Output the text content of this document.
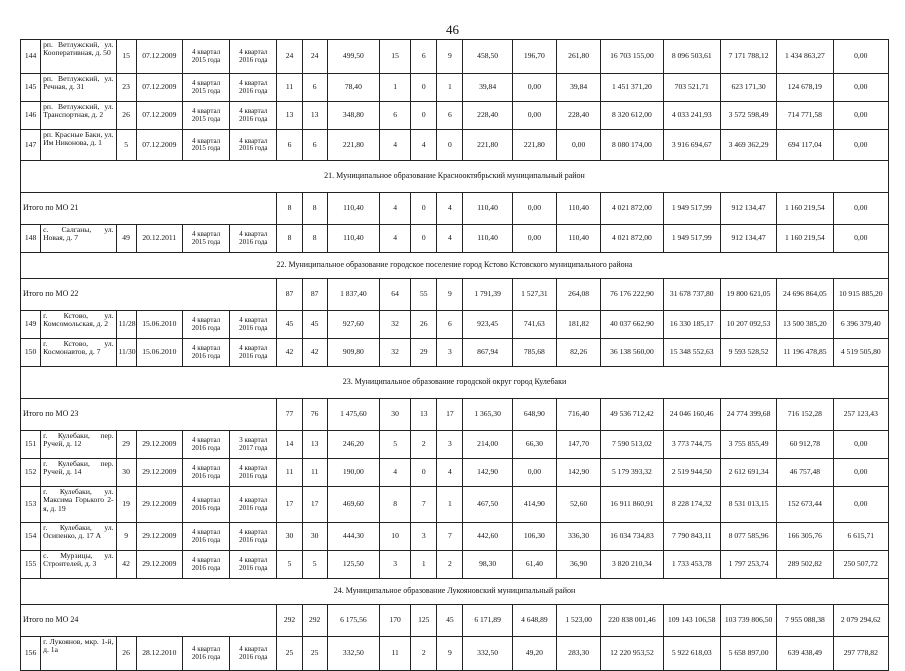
46
144	рп. Ветлужский, ул. Кооперативная, д. 50	15	07.12.2009	4 квартал 2015 года	4 квартал 2016 года	24	24	499,50	15	6	9	458,50	196,70	261,80	16 703 155,00	8 096 503,61	7 171 788,12	1 434 863,27	0,00
145	рп. Ветлужский, ул. Речная, д. 31	23	07.12.2009	4 квартал 2015 года	4 квартал 2016 года	11	6	78,40	1	0	1	39,84	0,00	39,84	1 451 371,20	703 521,71	623 171,30	124 678,19	0,00
146	рп. Ветлужский, ул. Транспортная, д. 2	26	07.12.2009	4 квартал 2015 года	4 квартал 2016 года	13	13	348,80	6	0	6	228,40	0,00	228,40	8 320 612,00	4 033 241,93	3 572 598,49	714 771,58	0,00
147	рп. Красные Баки, ул. Им Никонова, д. 1	5	07.12.2009	4 квартал 2015 года	4 квартал 2016 года	6	6	221,80	4	4	0	221,80	221,80	0,00	8 080 174,00	3 916 694,67	3 469 362,29	694 117,04	0,00
21. Муниципальное образование Краснооктябрьский муниципальный район																			
Итого по МО 21						8	8	110,40	4	0	4	110,40	0,00	110,40	4 021 872,00	1 949 517,99	912 134,47	1 160 219,54	0,00
148	с. Салганы, ул. Новая, д. 7	49	20.12.2011	4 квартал 2015 года	4 квартал 2016 года	8	8	110,40	4	0	4	110,40	0,00	110,40	4 021 872,00	1 949 517,99	912 134,47	1 160 219,54	0,00
22. Муниципальное образование городское поселение город Кстово Кстовского муниципального района																			
Итого по МО 22						87	87	1 837,40	64	55	9	1 791,39	1 527,31	264,08	76 176 222,90	31 678 737,80	19 800 621,05	24 696 864,05	10 915 885,20
149	г. Кстово, ул. Комсомольская, д. 2	11/28	15.06.2010	4 квартал 2016 года	4 квартал 2016 года	45	45	927,60	32	26	6	923,45	741,63	181,82	40 037 662,90	16 330 185,17	10 207 092,53	13 500 385,20	6 396 379,40
150	г. Кстово, ул. Космонавтов, д. 7	11/30	15.06.2010	4 квартал 2016 года	4 квартал 2016 года	42	42	909,80	32	29	3	867,94	785,68	82,26	36 138 560,00	15 348 552,63	9 593 528,52	11 196 478,85	4 519 505,80
23. Муниципальное образование городской округ город Кулебаки																			
Итого по МО 23						77	76	1 475,60	30	13	17	1 365,30	648,90	716,40	49 536 712,42	24 046 160,46	24 774 399,68	716 152,28	257 123,43
151	г. Кулебаки, пер. Ручей, д. 12	29	29.12.2009	4 квартал 2016 года	3 квартал 2017 года	14	13	246,20	5	2	3	214,00	66,30	147,70	7 590 513,02	3 773 744,75	3 755 855,49	60 912,78	0,00
152	г. Кулебаки, пер. Ручей, д. 14	30	29.12.2009	4 квартал 2016 года	4 квартал 2016 года	11	11	190,00	4	0	4	142,90	0,00	142,90	5 179 393,32	2 519 944,50	2 612 691,34	46 757,48	0,00
153	г. Кулебаки, ул. Максима Горького 2-я, д. 19	19	29.12.2009	4 квартал 2016 года	4 квартал 2016 года	17	17	469,60	8	7	1	467,50	414,90	52,60	16 911 860,91	8 228 174,32	8 531 013,15	152 673,44	0,00
154	г. Кулебаки, ул. Осипенко, д. 17 А	9	29.12.2009	4 квартал 2016 года	4 квартал 2016 года	30	30	444,30	10	3	7	442,60	106,30	336,30	16 034 734,83	7 790 843,11	8 077 585,96	166 305,76	6 615,71
155	с. Мурзицы, ул. Строителей, д. 3	42	29.12.2009	4 квартал 2016 года	4 квартал 2016 года	5	5	125,50	3	1	2	98,30	61,40	36,90	3 820 210,34	1 733 453,78	1 797 253,74	289 502,82	250 507,72
24. Муниципальное образование Лукояновский муниципальный район																			
Итого по МО 24						292	292	6 175,56	170	125	45	6 171,89	4 648,89	1 523,00	220 838 001,46	109 143 106,58	103 739 806,50	7 955 088,38	2 079 294,62
156	г. Лукоянов, мкр. 1-й, д. 1а	26	28.12.2010	4 квартал 2016 года	4 квартал 2016 года	25	25	332,50	11	2	9	332,50	49,20	283,30	12 220 953,52	5 922 618,03	5 658 897,00	639 438,49	297 778,82
